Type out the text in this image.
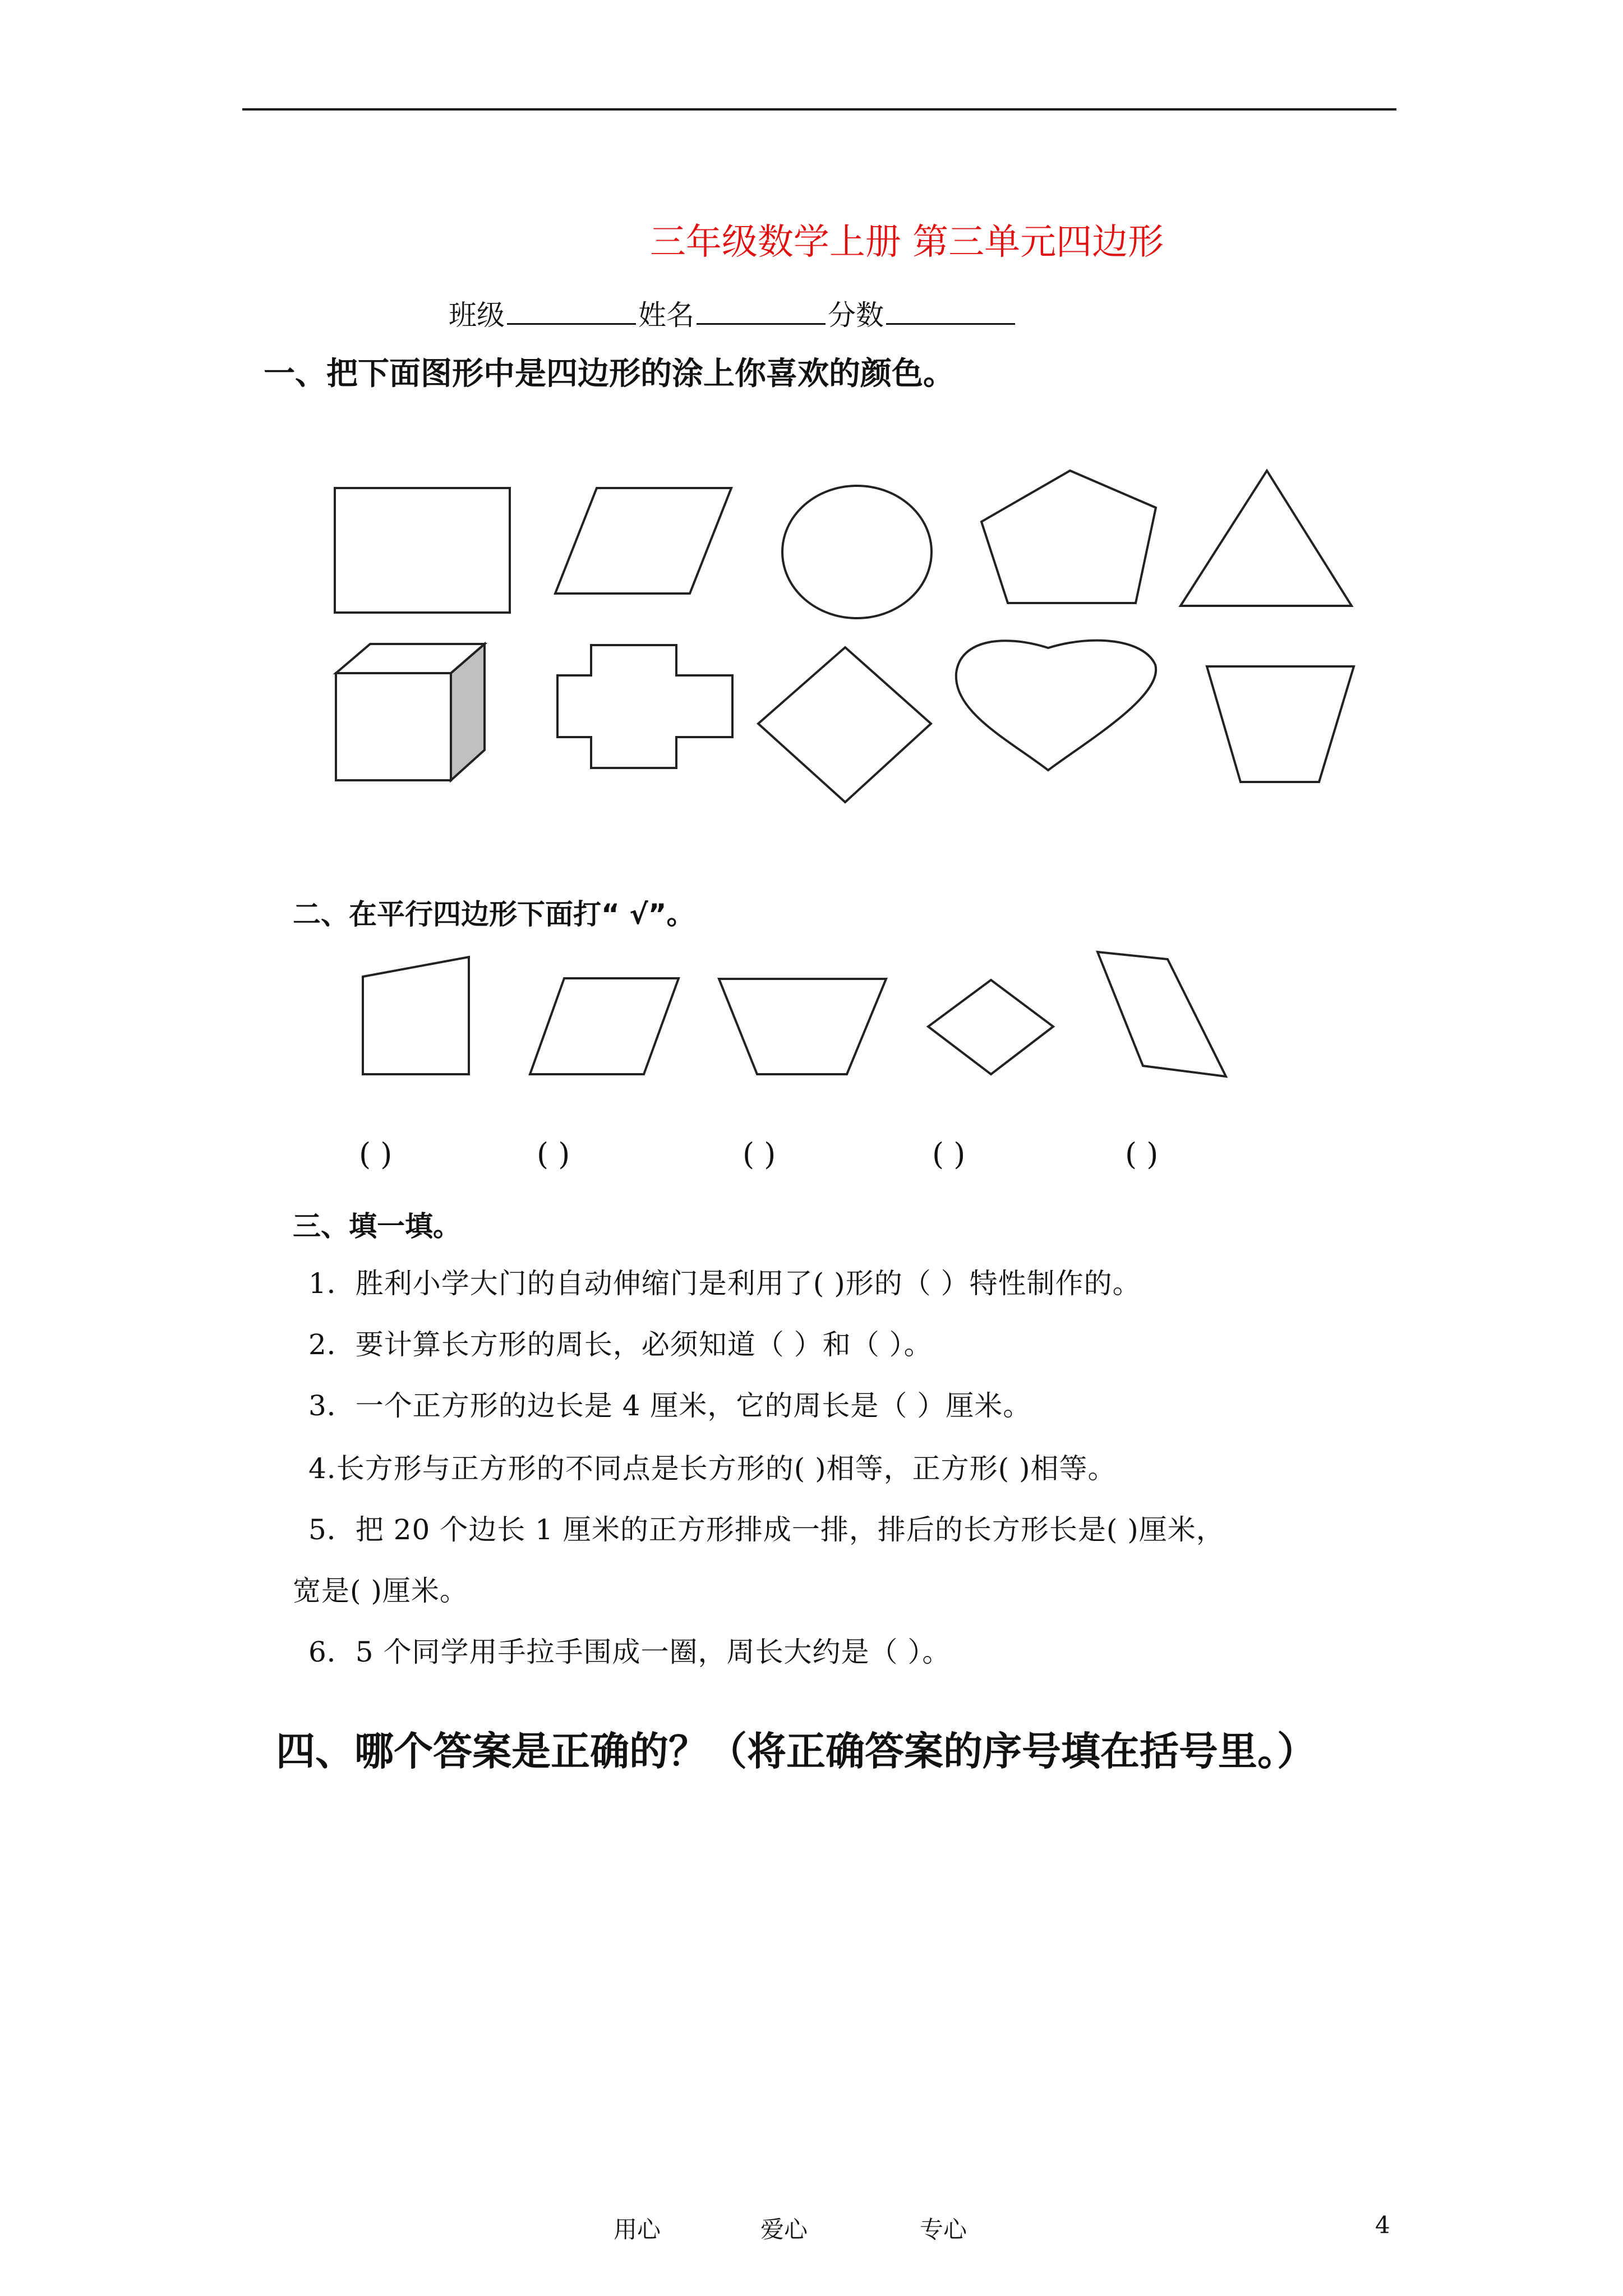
三年级数学上册 第三单元四边形
班级	姓名	分数
一、把下面图形中是四边形的涂上你喜欢的颜色。
二、在平行四边形下面打“ √”。
( )	( )	( )	( )	( )
三、填一填。
1．胜利小学大门的自动伸缩门是利用了( )形的（ ）特性制作的。
2．要计算长方形的周长，必须知道（ ）和（ ）。
3．一个正方形的边长是 4 厘米，它的周长是（ ）厘米。
4.长方形与正方形的不同点是长方形的( )相等，正方形( )相等。
5．把 20 个边长 1 厘米的正方形排成一排，排后的长方形长是( )厘米，
宽是( )厘米。
6．5 个同学用手拉手围成一圈，周长大约是（ ）。
四、哪个答案是正确的？（将正确答案的序号填在括号里。）
用心	爱心	专心	4
